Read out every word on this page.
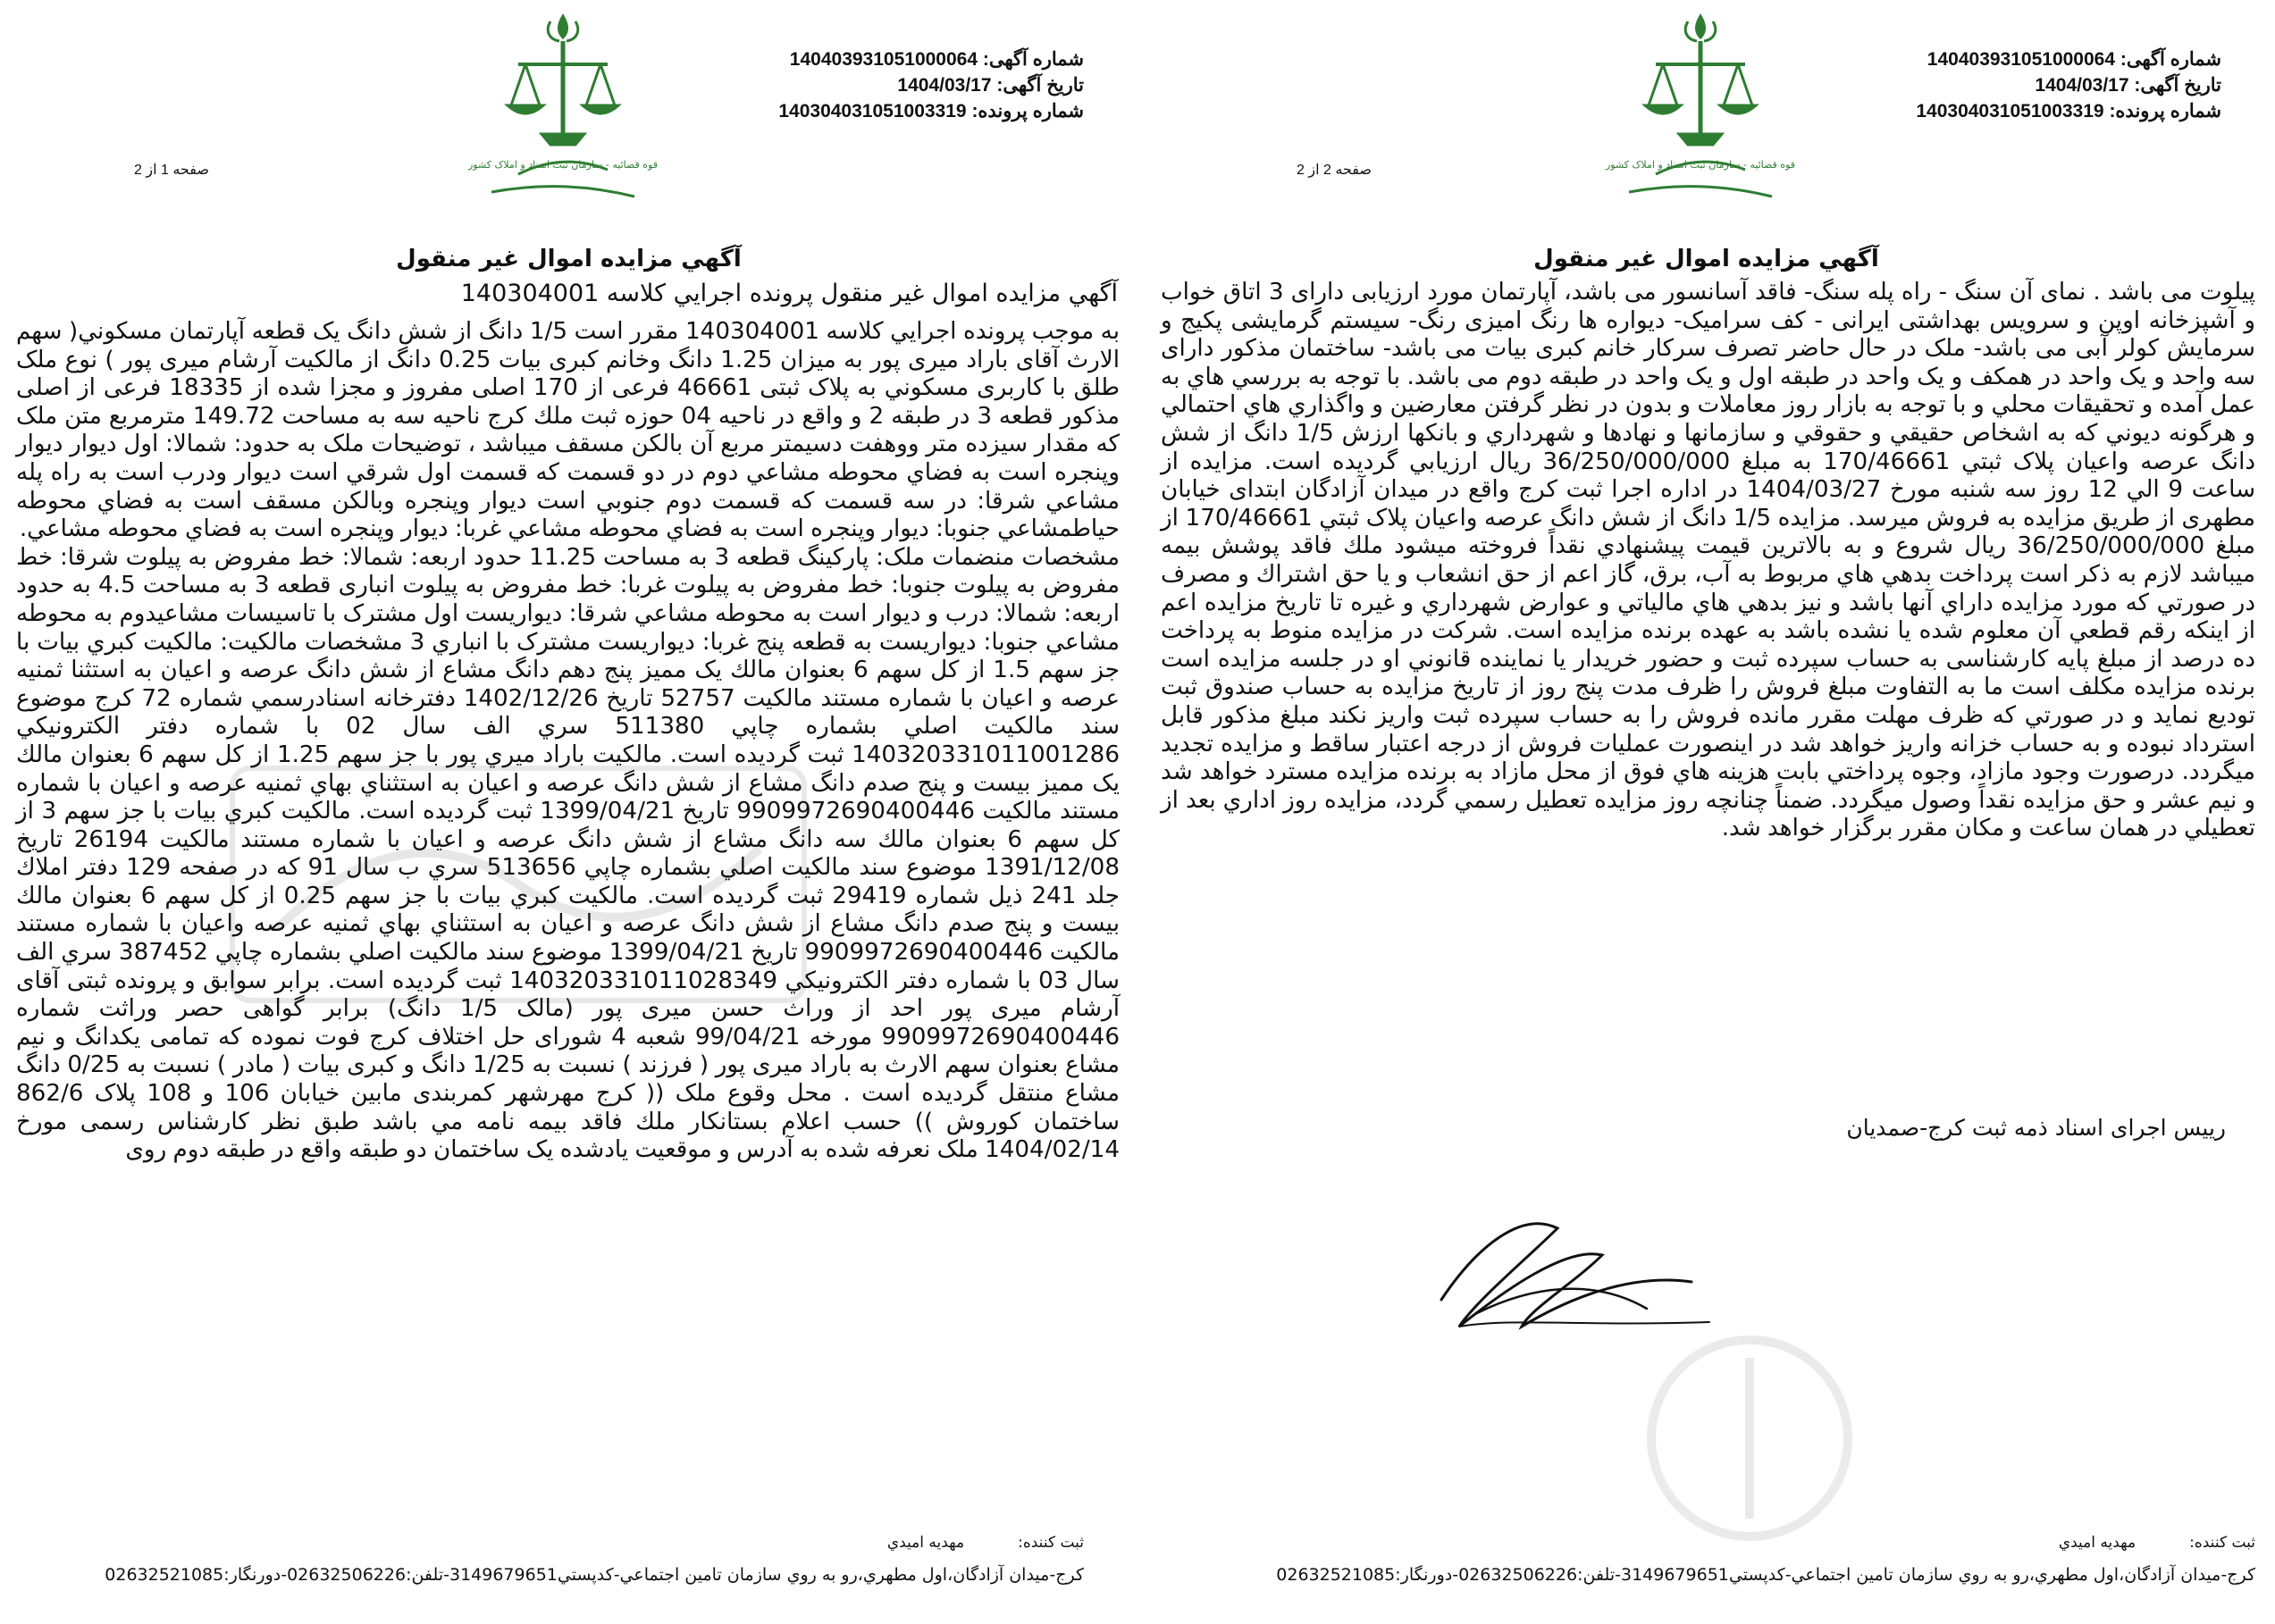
شماره آگهی: 140403931051000064
تاریخ آگهی: 1404/03/17
شماره پرونده: 140304031051003319
قوه قضائیه - سازمان ثبت اسناد و املاک کشور
صفحه 1 از 2
آگهي مزايده اموال غير منقول
آگهي مزايده اموال غير منقول پرونده اجرايي كلاسه 140304001
به موجب پرونده اجرايي كلاسه 140304001 مقرر است 1/5 دانگ از شش دانگ يک قطعه آپارتمان مسكوني( سهم الارث آقای باراد میری پور به میزان 1.25 دانگ وخانم کبری بیات 0.25 دانگ از مالکیت آرشام میری پور ) نوع ملک طلق با کاربری مسکوني به پلاک ثبتی 46661 فرعی از 170 اصلی مفروز و مجزا شده از 18335 فرعی از اصلی مذكور قطعه 3 در طبقه 2 و واقع در ناحيه 04 حوزه ثبت ملك كرج ناحيه سه به مساحت 149.72 مترمربع متن ملک که مقدار سیزده متر ووهفت دسیمتر مربع آن بالکن مسقف میباشد ، توضیحات ملک به حدود: شمالا: اول ديوار ديوار وپنجره است به فضاي محوطه مشاعي دوم در دو قسمت كه قسمت اول شرقي است ديوار ودرب است به راه پله مشاعي شرقا: در سه قسمت كه قسمت دوم جنوبي است ديوار وپنجره وبالكن مسقف است به فضاي محوطه حياطمشاعي جنوبا: ديوار وپنجره است به فضاي محوطه مشاعي غربا: ديوار وپنجره است به فضاي محوطه مشاعي.
مشخصات منضمات ملک: پاركينگ قطعه 3 به مساحت 11.25 حدود اربعه: شمالا: خط مفروض به پيلوت شرقا: خط مفروض به پيلوت جنوبا: خط مفروض به پيلوت غربا: خط مفروض به پيلوت انباری قطعه 3 به مساحت 4.5 به حدود اربعه: شمالا: درب و ديوار است به محوطه مشاعي شرقا: ديواريست اول مشترک با تاسيسات مشاعيدوم به محوطه مشاعي جنوبا: ديواريست به قطعه پنج غربا: ديواريست مشترک با انباري 3 مشخصات مالکیت: مالكيت كبري بيات با جز سهم 1.5 از كل سهم 6 بعنوان مالك يک مميز پنج دهم دانگ مشاع از شش دانگ عرصه و اعيان به استثنا ثمنيه عرصه و اعيان با شماره مستند مالكيت 52757 تاريخ 1402/12/26 دفترخانه اسنادرسمي شماره 72 كرج موضوع سند مالكيت اصلي بشماره چاپي 511380 سري الف سال 02 با شماره دفتر الكترونيكي 140320331011001286 ثبت گرديده است. مالكيت باراد ميري پور با جز سهم 1.25 از كل سهم 6 بعنوان مالك يک مميز بيست و پنج صدم دانگ مشاع از شش دانگ عرصه و اعيان به استثناي بهاي ثمنيه عرصه و اعيان با شماره مستند مالكيت 9909972690400446 تاريخ 1399/04/21 ثبت گرديده است. مالكيت كبري بيات با جز سهم 3 از كل سهم 6 بعنوان مالك سه دانگ مشاع از شش دانگ عرصه و اعيان با شماره مستند مالكيت 26194 تاريخ 1391/12/08 موضوع سند مالكيت اصلي بشماره چاپي 513656 سري ب سال 91 كه در صفحه 129 دفتر املاك جلد 241 ذيل شماره 29419 ثبت گرديده است. مالكيت كبري بيات با جز سهم 0.25 از كل سهم 6 بعنوان مالك بيست و پنج صدم دانگ مشاع از شش دانگ عرصه و اعيان به استثناي بهاي ثمنيه عرصه واعيان با شماره مستند مالكيت 9909972690400446 تاريخ 1399/04/21 موضوع سند مالكيت اصلي بشماره چاپي 387452 سري الف سال 03 با شماره دفتر الكترونيكي 140320331011028349 ثبت گرديده است. برابر سوابق و پرونده ثبتی آقای آرشام میری پور احد از وراث حسن میری پور (مالک 1/5 دانگ) برابر گواهی حصر وراثت شماره 9909972690400446 مورخه 99/04/21 شعبه 4 شورای حل اختلاف کرج فوت نموده که تمامی یکدانگ و نیم مشاع بعنوان سهم الارث به باراد میری پور ( فرزند ) نسبت به 1/25 دانگ و کبری بیات ( مادر ) نسبت به 0/25 دانگ مشاع منتقل گردیده است . محل وقوع ملک (( کرج مهرشهر کمربندی مابین خیابان 106 و 108 پلاک 862/6 ساختمان کوروش )) حسب اعلام بستانکار ملك فاقد بیمه نامه مي باشد طبق نظر كارشناس رسمی مورخ 1404/02/14 ملک نعرفه شده به آدرس و موقعیت یادشده یک ساختمان دو طبقه واقع در طبقه دوم روی
ثبت كننده:
مهديه اميدي
كرج-ميدان آزادگان،اول مطهري،رو به روي سازمان تامين اجتماعي-كدپستي3149679651-تلفن:02632506226-دورنگار:02632521085
شماره آگهی: 140403931051000064
تاریخ آگهی: 1404/03/17
شماره پرونده: 140304031051003319
قوه قضائیه - سازمان ثبت اسناد و املاک کشور
صفحه 2 از 2
آگهي مزايده اموال غير منقول
پیلوت می باشد . نمای آن سنگ - راه پله سنگ- فاقد آسانسور می باشد، آپارتمان مورد ارزیابی دارای 3 اتاق خواب و آشپزخانه اوپن و سرویس بهداشتی ایرانی - کف سرامیک- دیواره ها رنگ امیزی رنگ- سیستم گرمایشی پکیج و سرمایش کولر آبی می باشد- ملک در حال حاضر تصرف سرکار خانم کبری بیات می باشد- ساختمان مذکور دارای سه واحد و یک واحد در همکف و یک واحد در طبقه اول و یک واحد در طبقه دوم می باشد. با توجه به بررسي هاي به عمل آمده و تحقيقات محلي و با توجه به بازار روز معاملات و بدون در نظر گرفتن معارضين و واگذاري هاي احتمالي و هرگونه ديوني كه به اشخاص حقيقي و حقوقي و سازمانها و نهادها و شهرداري و بانكها ارزش 1/5 دانگ از شش دانگ عرصه واعيان پلاک ثبتي 170/46661 به مبلغ 36/250/000/000 ريال ارزيابي گرديده است. مزايده از ساعت 9 الي 12 روز سه شنبه مورخ 1404/03/27 در اداره اجرا ثبت کرج واقع در میدان آزادگان ابتدای خیابان مطهری از طریق مزایده به فروش میرسد. مزایده 1/5 دانگ از شش دانگ عرصه واعيان پلاک ثبتي 170/46661 از مبلغ 36/250/000/000 ريال شروع و به بالاترين قيمت پيشنهادي نقداً فروخته ميشود ملك فاقد پوشش بيمه ميباشد لازم به ذكر است پرداخت بدهي هاي مربوط به آب، برق، گاز اعم از حق انشعاب و يا حق اشتراك و مصرف در صورتي كه مورد مزايده داراي آنها باشد و نيز بدهي هاي مالياتي و عوارض شهرداري و غيره تا تاريخ مزايده اعم از اينكه رقم قطعي آن معلوم شده يا نشده باشد به عهده برنده مزايده است. شرکت در مزايده منوط به پرداخت ده درصد از مبلغ پايه كارشناسی به حساب سپرده ثبت و حضور خريدار يا نماينده قانوني او در جلسه مزايده است برنده مزايده مكلف است ما به التفاوت مبلغ فروش را ظرف مدت پنج روز از تاريخ مزايده به حساب صندوق ثبت توديع نمايد و در صورتي كه ظرف مهلت مقرر مانده فروش را به حساب سپرده ثبت واريز نكند مبلغ مذكور قابل استرداد نبوده و به حساب خزانه واريز خواهد شد در اينصورت عمليات فروش از درجه اعتبار ساقط و مزايده تجديد ميگردد. درصورت وجود مازاد، وجوه پرداختي بابت هزينه هاي فوق از محل مازاد به برنده مزايده مسترد خواهد شد و نيم عشر و حق مزايده نقداً وصول ميگردد. ضمناً چنانچه روز مزايده تعطيل رسمي گردد، مزايده روز اداري بعد از تعطيلي در همان ساعت و مكان مقرر برگزار خواهد شد.
رییس اجرای اسناد ذمه ثبت کرج-صمدیان
ثبت كننده:
مهديه اميدي
كرج-ميدان آزادگان،اول مطهري،رو به روي سازمان تامين اجتماعي-كدپستي3149679651-تلفن:02632506226-دورنگار:02632521085
